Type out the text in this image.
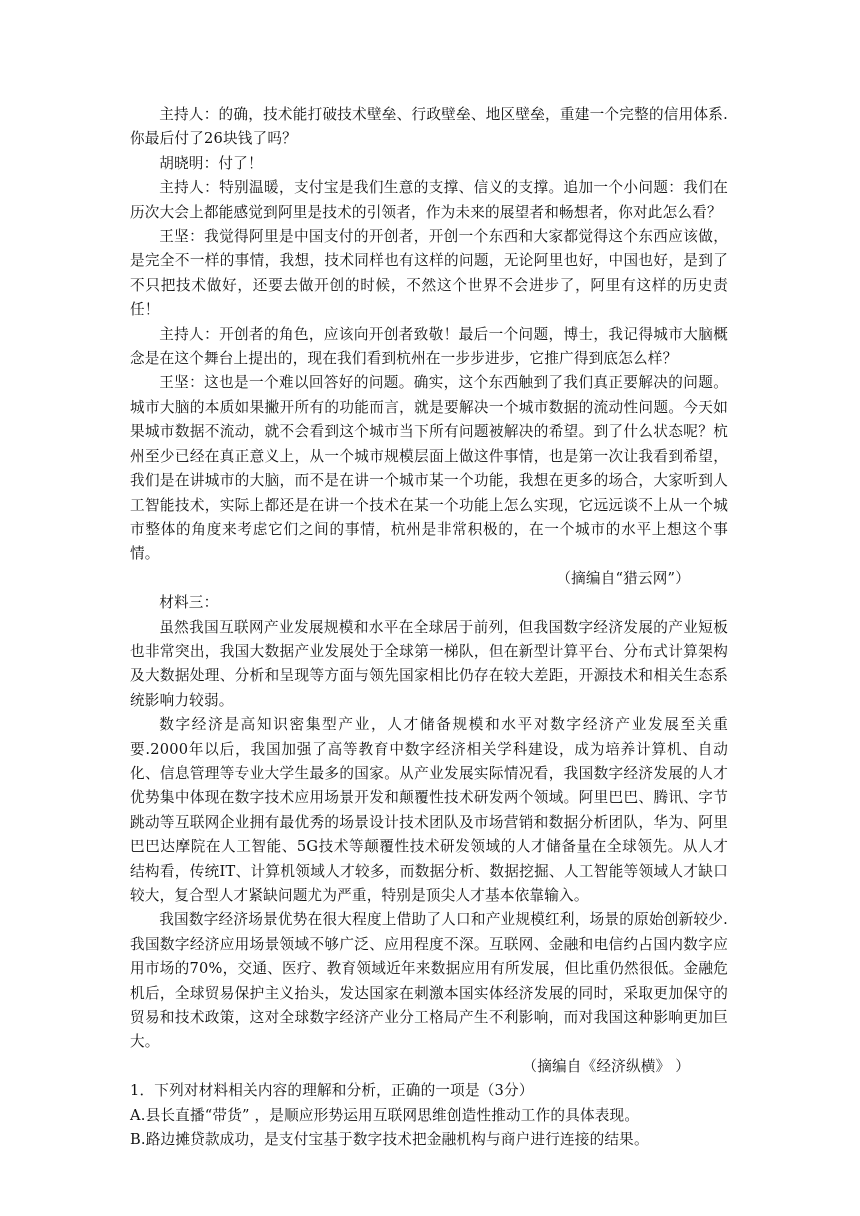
主持人：的确，技术能打破技术壁垒、行政壁垒、地区壁垒，重建一个完整的信用体系.你最后付了26块钱了吗？

胡晓明：付了！

主持人：特别温暖，支付宝是我们生意的支撑、信义的支撑。追加一个小问题：我们在历次大会上都能感觉到阿里是技术的引领者，作为未来的展望者和畅想者，你对此怎么看？

王坚：我觉得阿里是中国支付的开创者，开创一个东西和大家都觉得这个东西应该做，是完全不一样的事情，我想，技术同样也有这样的问题，无论阿里也好，中国也好，是到了不只把技术做好，还要去做开创的时候，不然这个世界不会进步了，阿里有这样的历史责任！

主持人：开创者的角色，应该向开创者致敬！最后一个问题，博士，我记得城市大脑概念是在这个舞台上提出的，现在我们看到杭州在一步步进步，它推广得到底怎么样？

王坚：这也是一个难以回答好的问题。确实，这个东西触到了我们真正要解决的问题。城市大脑的本质如果撇开所有的功能而言，就是要解决一个城市数据的流动性问题。今天如果城市数据不流动，就不会看到这个城市当下所有问题被解决的希望。到了什么状态呢？杭州至少已经在真正意义上，从一个城市规模层面上做这件事情，也是第一次让我看到希望，我们是在讲城市的大脑，而不是在讲一个城市某一个功能，我想在更多的场合，大家听到人工智能技术，实际上都还是在讲一个技术在某一个功能上怎么实现，它远远谈不上从一个城市整体的角度来考虑它们之间的事情，杭州是非常积极的，在一个城市的水平上想这个事情。

（摘编自“猎云网”）

材料三：

虽然我国互联网产业发展规模和水平在全球居于前列，但我国数字经济发展的产业短板也非常突出，我国大数据产业发展处于全球第一梯队，但在新型计算平台、分布式计算架构及大数据处理、分析和呈现等方面与领先国家相比仍存在较大差距，开源技术和相关生态系统影响力较弱。

数字经济是高知识密集型产业，人才储备规模和水平对数字经济产业发展至关重要.2000年以后，我国加强了高等教育中数字经济相关学科建设，成为培养计算机、自动化、信息管理等专业大学生最多的国家。从产业发展实际情况看，我国数字经济发展的人才优势集中体现在数字技术应用场景开发和颠覆性技术研发两个领域。阿里巴巴、腾讯、字节跳动等互联网企业拥有最优秀的场景设计技术团队及市场营销和数据分析团队，华为、阿里巴巴达摩院在人工智能、5G技术等颠覆性技术研发领域的人才储备量在全球领先。从人才结构看，传统IT、计算机领域人才较多，而数据分析、数据挖掘、人工智能等领域人才缺口较大，复合型人才紧缺问题尤为严重，特别是顶尖人才基本依靠输入。

我国数字经济场景优势在很大程度上借助了人口和产业规模红利，场景的原始创新较少.我国数字经济应用场景领域不够广泛、应用程度不深。互联网、金融和电信约占国内数字应用市场的70%，交通、医疗、教育领域近年来数据应用有所发展，但比重仍然很低。金融危机后，全球贸易保护主义抬头，发达国家在刺激本国实体经济发展的同时，采取更加保守的贸易和技术政策，这对全球数字经济产业分工格局产生不利影响，而对我国这种影响更加巨大。

（摘编自《经济纵横》 ）

1．下列对材料相关内容的理解和分析，正确的一项是（3分）

A.县长直播“带货” ，是顺应形势运用互联网思维创造性推动工作的具体表现。

B.路边摊贷款成功，是支付宝基于数字技术把金融机构与商户进行连接的结果。
